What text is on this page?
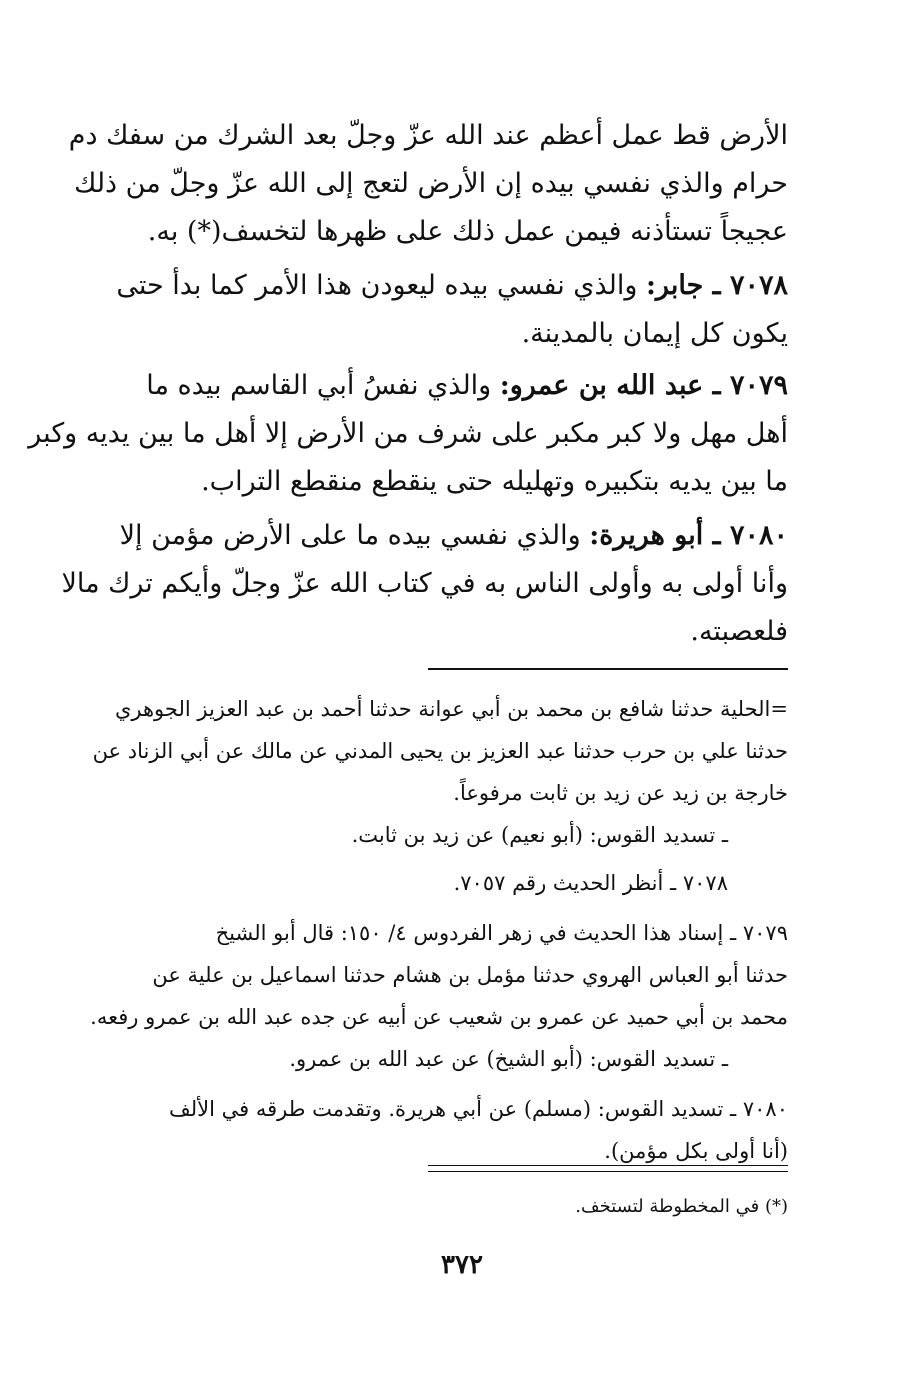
الأرض قط عمل أعظم عند الله عزّ وجلّ بعد الشرك من سفك دم
حرام والذي نفسي بيده إن الأرض لتعج إلى الله عزّ وجلّ من ذلك
عجيجاً تستأذنه فيمن عمل ذلك على ظهرها لتخسف(*) به.
٧٠٧٨ ـ جابر: والذي نفسي بيده ليعودن هذا الأمر كما بدأ حتى
يكون كل إيمان بالمدينة.
٧٠٧٩ ـ عبد الله بن عمرو: والذي نفسُ أبي القاسم بيده ما
أهل مهل ولا كبر مكبر على شرف من الأرض إلا أهل ما بين يديه وكبر
ما بين يديه بتكبيره وتهليله حتى ينقطع منقطع التراب.
٧٠٨٠ ـ أبو هريرة: والذي نفسي بيده ما على الأرض مؤمن إلا
وأنا أولى به وأولى الناس به في كتاب الله عزّ وجلّ وأيكم ترك مالا
فلعصبته.
=الحلية حدثنا شافع بن محمد بن أبي عوانة حدثنا أحمد بن عبد العزيز الجوهري
حدثنا علي بن حرب حدثنا عبد العزيز بن يحيى المدني عن مالك عن أبي الزناد عن
خارجة بن زيد عن زيد بن ثابت مرفوعاً.
ـ تسديد القوس: (أبو نعيم) عن زيد بن ثابت.
٧٠٧٨ ـ أنظر الحديث رقم ٧٠٥٧.
٧٠٧٩ ـ إسناد هذا الحديث في زهر الفردوس ٤/ ١٥٠: قال أبو الشيخ
حدثنا أبو العباس الهروي حدثنا مؤمل بن هشام حدثنا اسماعيل بن علية عن
محمد بن أبي حميد عن عمرو بن شعيب عن أبيه عن جده عبد الله بن عمرو رفعه.
ـ تسديد القوس: (أبو الشيخ) عن عبد الله بن عمرو.
٧٠٨٠ ـ تسديد القوس: (مسلم) عن أبي هريرة. وتقدمت طرقه في الألف
(أنا أولى بكل مؤمن).
(*) في المخطوطة لتستخف.
٣٧٢
